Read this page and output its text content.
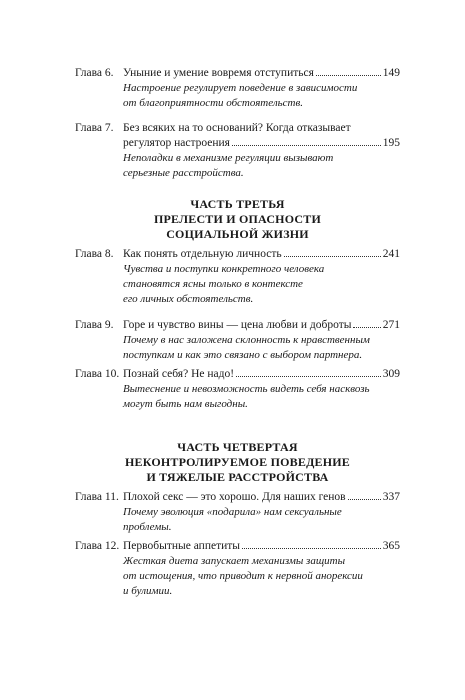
Глава 6. Уныние и умение вовремя отступиться	149
Настроение регулирует поведение в зависимости
от благоприятности обстоятельств.
Глава 7. Без всяких на то оснований? Когда отказывает
регулятор настроения	195
Неполадки в механизме регуляции вызывают
серьезные расстройства.
ЧАСТЬ ТРЕТЬЯ
ПРЕЛЕСТИ И ОПАСНОСТИ
СОЦИАЛЬНОЙ ЖИЗНИ
Глава 8. Как понять отдельную личность	241
Чувства и поступки конкретного человека
становятся ясны только в контексте
его личных обстоятельств.
Глава 9. Горе и чувство вины — цена любви и доброты	271
Почему в нас заложена склонность к нравственным
поступкам и как это связано с выбором партнера.
Глава 10. Познай себя? Не надо!	309
Вытеснение и невозможность видеть себя насквозь
могут быть нам выгодны.
ЧАСТЬ ЧЕТВЕРТАЯ
НЕКОНТРОЛИРУЕМОЕ ПОВЕДЕНИЕ
И ТЯЖЕЛЫЕ РАССТРОЙСТВА
Глава 11. Плохой секс — это хорошо. Для наших генов	337
Почему эволюция «подарила» нам сексуальные
проблемы.
Глава 12. Первобытные аппетиты	365
Жесткая диета запускает механизмы защиты
от истощения, что приводит к нервной анорексии
и булимии.
